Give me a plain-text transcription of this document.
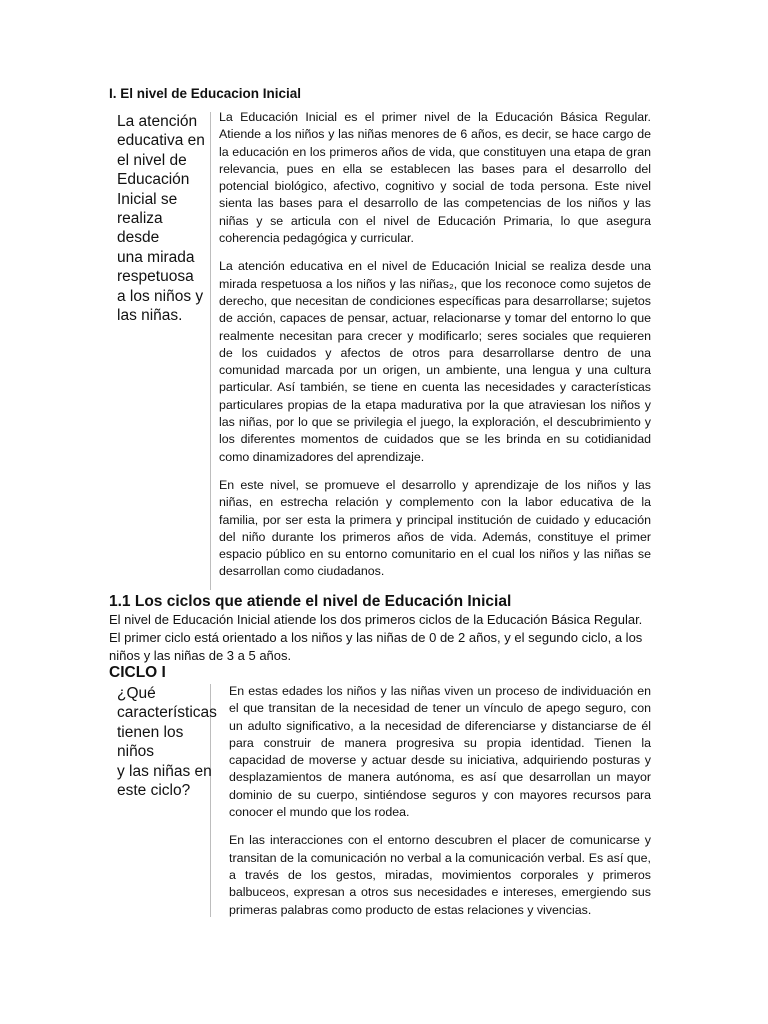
I. El nivel de Educacion Inicial
La atención
educativa en
el nivel de
Educación
Inicial se
realiza
desde
una mirada
respetuosa
a los niños y
las niñas.

La Educación Inicial es el primer nivel de la Educación Básica Regular. Atiende a los niños y las niñas menores de 6 años, es decir, se hace cargo de la educación en los primeros años de vida, que constituyen una etapa de gran relevancia, pues en ella se establecen las bases para el desarrollo del potencial biológico, afectivo, cognitivo y social de toda persona. Este nivel sienta las bases para el desarrollo de las competencias de los niños y las niñas y se articula con el nivel de Educación Primaria, lo que asegura coherencia pedagógica y curricular.

La atención educativa en el nivel de Educación Inicial se realiza desde una mirada respetuosa a los niños y las niñas₂, que los reconoce como sujetos de derecho, que necesitan de condiciones específicas para desarrollarse; sujetos de acción, capaces de pensar, actuar, relacionarse y tomar del entorno lo que realmente necesitan para crecer y modificarlo; seres sociales que requieren de los cuidados y afectos de otros para desarrollarse dentro de una comunidad marcada por un origen, un ambiente, una lengua y una cultura particular. Así también, se tiene en cuenta las necesidades y características particulares propias de la etapa madurativa por la que atraviesan los niños y las niñas, por lo que se privilegia el juego, la exploración, el descubrimiento y los diferentes momentos de cuidados que se les brinda en su cotidianidad como dinamizadores del aprendizaje.

En este nivel, se promueve el desarrollo y aprendizaje de los niños y las niñas, en estrecha relación y complemento con la labor educativa de la familia, por ser esta la primera y principal institución de cuidado y educación del niño durante los primeros años de vida. Además, constituye el primer espacio público en su entorno comunitario en el cual los niños y las niñas se desarrollan como ciudadanos.

1.1 Los ciclos que atiende el nivel de Educación Inicial

El nivel de Educación Inicial atiende los dos primeros ciclos de la Educación Básica Regular. El primer ciclo está orientado a los niños y las niñas de 0 de 2 años, y el segundo ciclo, a los niños y las niñas de 3 a 5 años.

CICLO I
¿Qué
características
tienen los
niños
y las niñas en
este ciclo?

En estas edades los niños y las niñas viven un proceso de individuación en el que transitan de la necesidad de tener un vínculo de apego seguro, con un adulto significativo, a la necesidad de diferenciarse y distanciarse de él para construir de manera progresiva su propia identidad. Tienen la capacidad de moverse y actuar desde su iniciativa, adquiriendo posturas y desplazamientos de manera autónoma, es así que desarrollan un mayor dominio de su cuerpo, sintiéndose seguros y con mayores recursos para conocer el mundo que los rodea.

En las interacciones con el entorno descubren el placer de comunicarse y transitan de la comunicación no verbal a la comunicación verbal. Es así que, a través de los gestos, miradas, movimientos corporales y primeros balbuceos, expresan a otros sus necesidades e intereses, emergiendo sus primeras palabras como producto de estas relaciones y vivencias.
